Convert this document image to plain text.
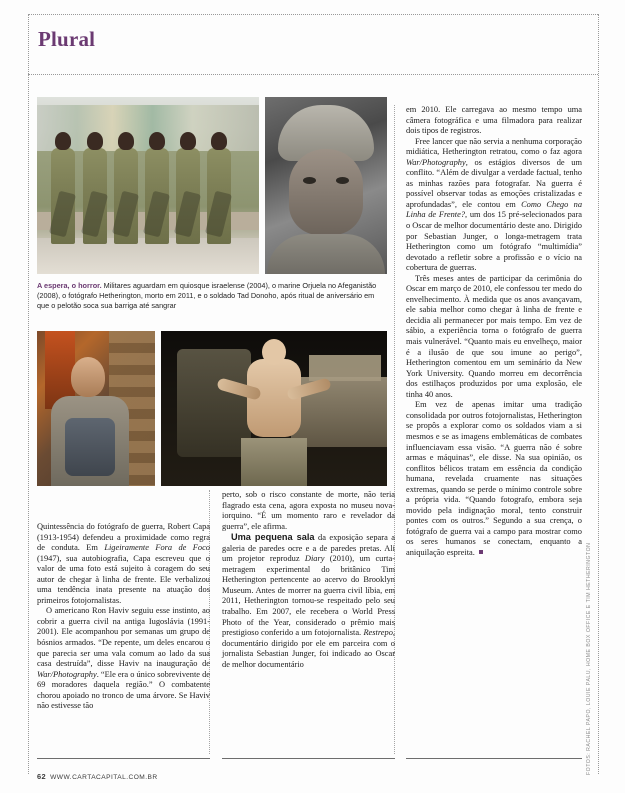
Plural
A espera, o horror. Militares aguardam em quiosque israelense (2004), o marine Orjuela no Afeganistão (2008), o fotógrafo Hetherington, morto em 2011, e o soldado Tad Donoho, após ritual de aniversário em que o pelotão soca sua barriga até sangrar

Quintessência do fotógrafo de guerra, Robert Capa (1913-1954) defendeu a proximidade como regra de conduta. Em Ligeiramente Fora de Foco (1947), sua autobiografia, Capa escreveu que o valor de uma foto está sujeito à coragem do seu autor de chegar à linha de frente. Ele verbalizou uma tendência inata presente na atuação dos primeiros fotojornalistas.

O americano Ron Haviv seguiu esse instinto, ao cobrir a guerra civil na antiga Iugoslávia (1991-2001). Ele acompanhou por semanas um grupo de bósnios armados. “De repente, um deles encarou o que parecia ser uma vala comum ao lado da sua casa destruída”, disse Haviv na inauguração de War/Photography. “Ele era o único sobrevivente de 69 moradores daquela região.” O combatente chorou apoiado no tronco de uma árvore. Se Haviv não estivesse tão

perto, sob o risco constante de morte, não teria flagrado esta cena, agora exposta no museu nova-iorquino. “É um momento raro e revelador da guerra”, ele afirma.

Uma pequena sala da exposição separa a galeria de paredes ocre e a de paredes pretas. Ali um projetor reproduz Diary (2010), um curta-metragem experimental do britânico Tim Hetherington pertencente ao acervo do Brooklyn Museum. Antes de morrer na guerra civil líbia, em 2011, Hetherington tornou-se respeitado pelo seu trabalho. Em 2007, ele recebera o World Press Photo of the Year, considerado o prêmio mais prestigioso conferido a um fotojornalista. Restrepo, documentário dirigido por ele em parceira com o jornalista Sebastian Junger, foi indicado ao Oscar de melhor documentário

em 2010. Ele carregava ao mesmo tempo uma câmera fotográfica e uma filmadora para realizar dois tipos de registros.

Free lancer que não servia a nenhuma corporação midiática, Hetherington retratou, como o faz agora War/Photography, os estágios diversos de um conflito. “Além de divulgar a verdade factual, tenho as minhas razões para fotografar. Na guerra é possível observar todas as emoções cristalizadas e aprofundadas”, ele contou em Como Chego na Linha de Frente?, um dos 15 pré-selecionados para o Oscar de melhor documentário deste ano. Dirigido por Sebastian Junger, o longa-metragem trata Hetherington como um fotógrafo “multimídia” devotado a refletir sobre a profissão e o vício na cobertura de guerras.

Três meses antes de participar da cerimônia do Oscar em março de 2010, ele confessou ter medo do envelhecimento. À medida que os anos avançavam, ele sabia melhor como chegar à linha de frente e decidia ali permanecer por mais tempo. Em vez de sábio, a experiência torna o fotógrafo de guerra mais vulnerável. “Quanto mais eu envelheço, maior é a ilusão de que sou imune ao perigo”, Hetherington comentou em um seminário da New York University. Quando morreu em decorrência dos estilhaços produzidos por uma explosão, ele tinha 40 anos.

Em vez de apenas imitar uma tradição consolidada por outros fotojornalistas, Hetherington se propôs a explorar como os soldados viam a si mesmos e se as imagens emblemáticas de combates influenciavam essa visão. “A guerra não é sobre armas e máquinas”, ele disse. Na sua opinião, os conflitos bélicos tratam em essência da condição humana, revelada cruamente nas situações extremas, quando se perde o mínimo controle sobre a própria vida. “Quando fotografo, embora seja movido pela indignação moral, tento construir pontes com os outros.” Segundo a sua crença, o fotógrafo de guerra vai a campo para mostrar como os seres humanos se conectam, enquanto a aniquilação espreita.

62 WWW.CARTACAPITAL.COM.BR
FOTOS: RACHEL PAPO, LOUIE PALU, HOME BOX OFFICE E TIM HETHERINGTON
